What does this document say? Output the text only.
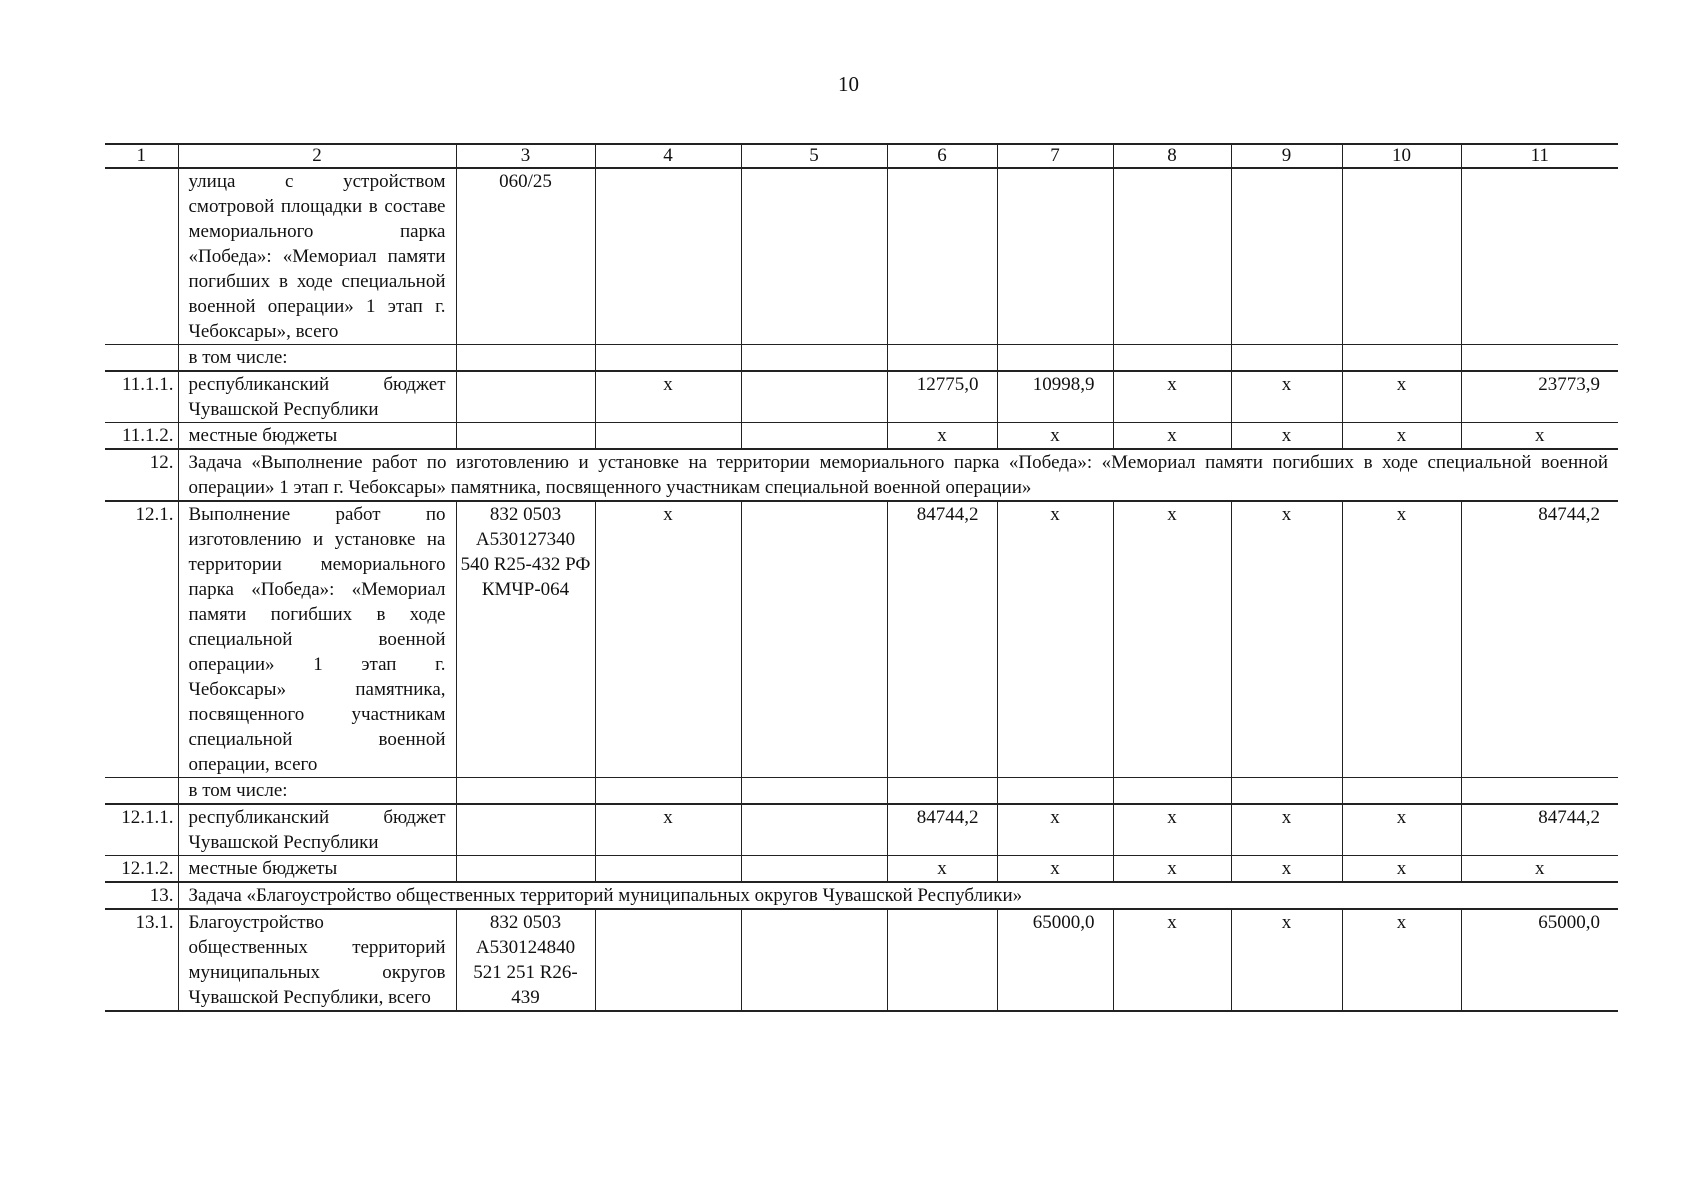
10
1	2	3	4	5	6	7	8	9	10	11
	улица с устройством смотровой площадки в составе мемориального парка «Победа»: «Мемориал памяти погибших в ходе специальной военной операции» 1 этап г. Чебоксары», всего	060/25								
	в том числе:									
11.1.1.	республиканский бюджет Чувашской Республики		x		12775,0	10998,9	x	x	x	23773,9
11.1.2.	местные бюджеты				x	x	x	x	x	x
12.	Задача «Выполнение работ по изготовлению и установке на территории мемориального парка «Победа»: «Мемориал памяти погибших в ходе специальной военной операции» 1 этап г. Чебоксары» памятника, посвященного участникам специальной военной операции»									
12.1.	Выполнение работ по изготовлению и установке на территории мемориального парка «Победа»: «Мемориал памяти погибших в ходе специальной военной операции» 1 этап г. Чебоксары» памятника, посвященного участникам специальной военной операции, всего	832 0503 А530127340 540 R25-432 РФ КМЧР-064	x		84744,2	x	x	x	x	84744,2
	в том числе:									
12.1.1.	республиканский бюджет Чувашской Республики		x		84744,2	x	x	x	x	84744,2
12.1.2.	местные бюджеты				x	x	x	x	x	x
13.	Задача «Благоустройство общественных территорий муниципальных округов Чувашской Республики»									
13.1.	Благоустройство общественных территорий муниципальных округов Чувашской Республики, всего	832 0503 А530124840 521 251 R26-439				65000,0	x	x	x	65000,0
